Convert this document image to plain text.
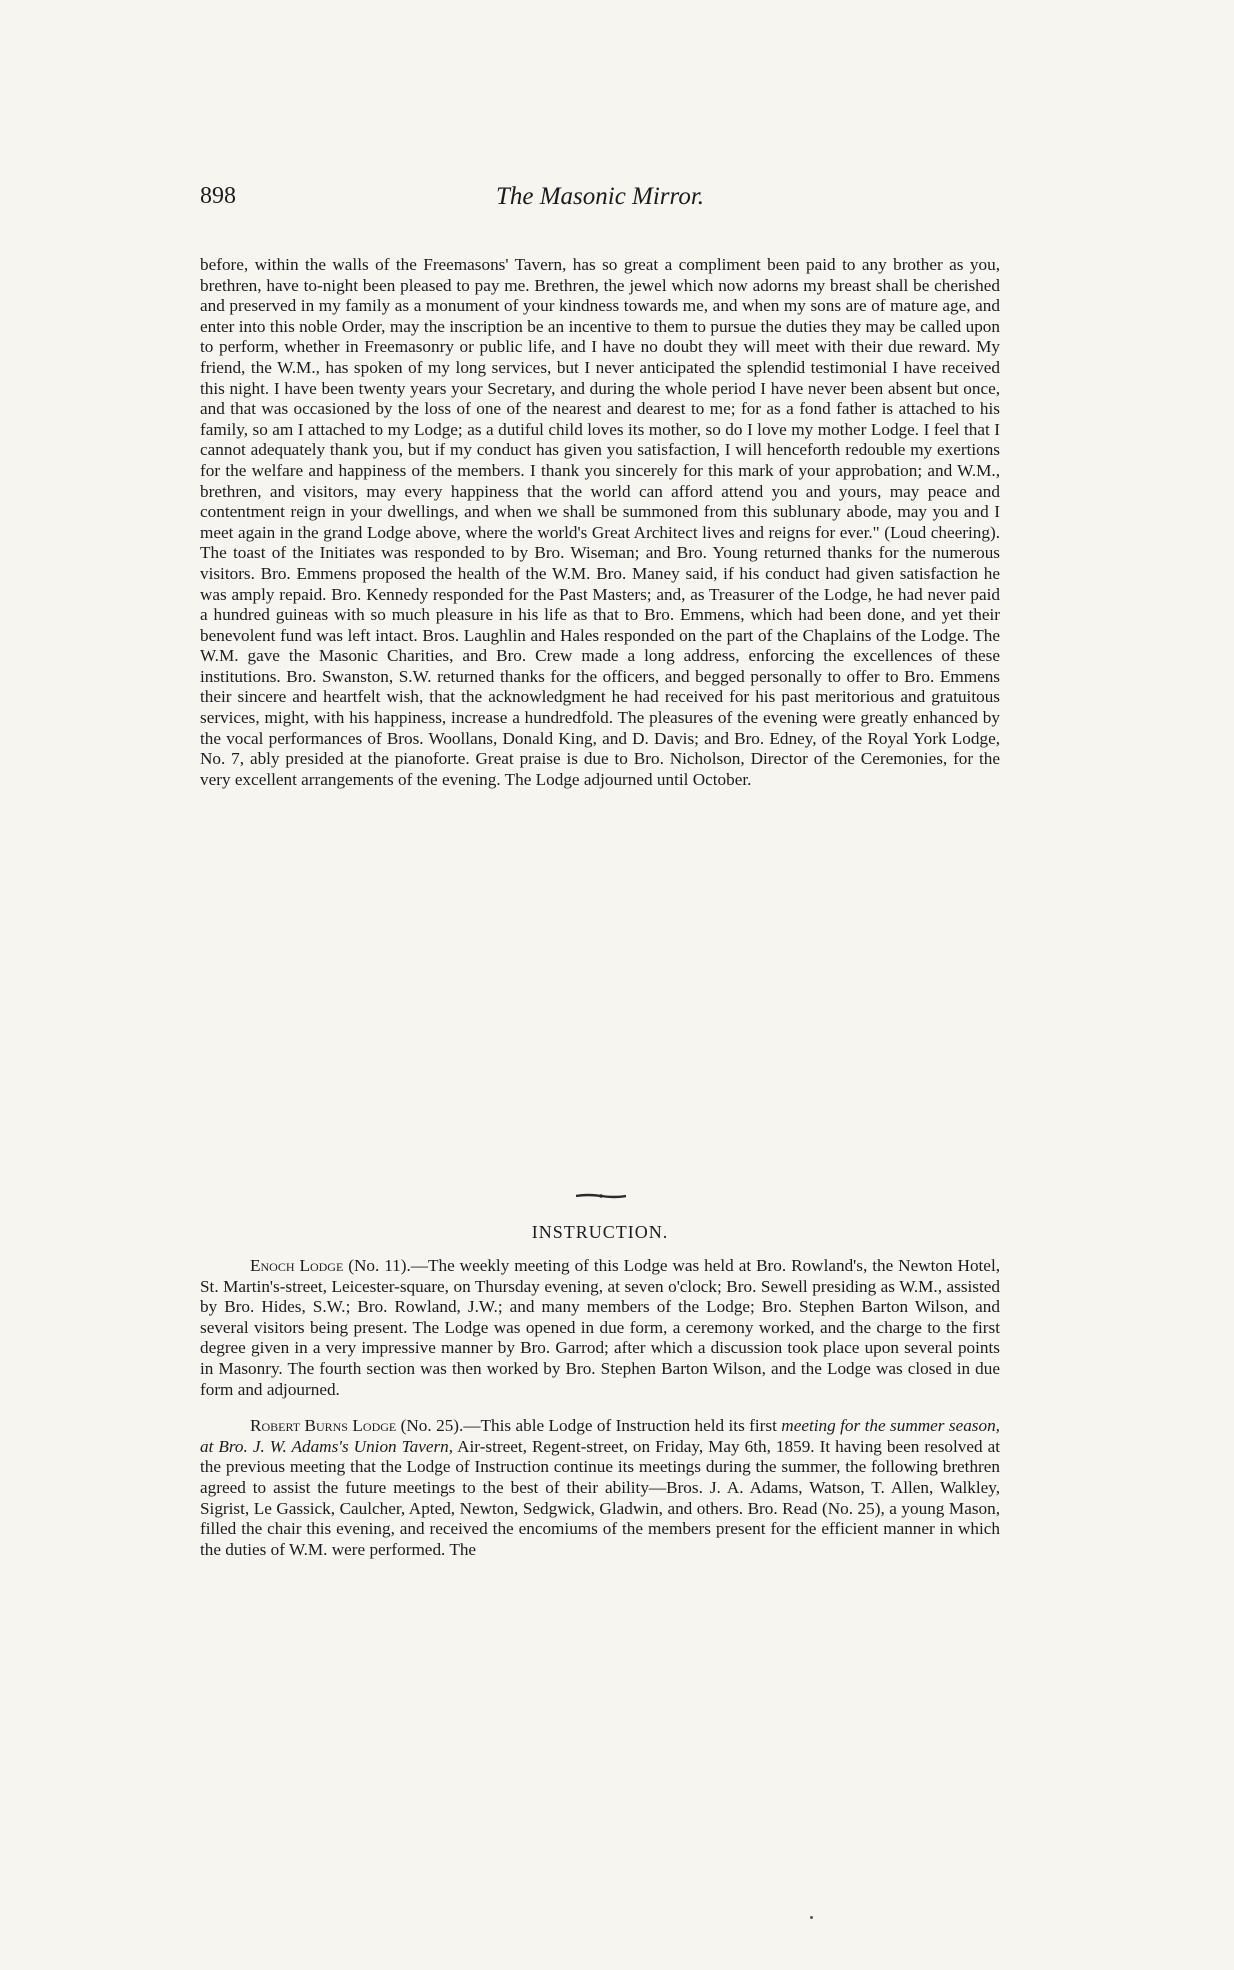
898	The Masonic Mirror.

before, within the walls of the Freemasons' Tavern, has so great a compliment been paid to any brother as you, brethren, have to-night been pleased to pay me. Brethren, the jewel which now adorns my breast shall be cherished and preserved in my family as a monument of your kindness towards me, and when my sons are of mature age, and enter into this noble Order, may the inscription be an incentive to them to pursue the duties they may be called upon to perform, whether in Freemasonry or public life, and I have no doubt they will meet with their due reward. My friend, the W.M., has spoken of my long services, but I never anticipated the splendid testimonial I have received this night. I have been twenty years your Secretary, and during the whole period I have never been absent but once, and that was occasioned by the loss of one of the nearest and dearest to me; for as a fond father is attached to his family, so am I attached to my Lodge; as a dutiful child loves its mother, so do I love my mother Lodge. I feel that I cannot adequately thank you, but if my conduct has given you satisfaction, I will henceforth redouble my exertions for the welfare and happiness of the members. I thank you sincerely for this mark of your approbation; and W.M., brethren, and visitors, may every happiness that the world can afford attend you and yours, may peace and contentment reign in your dwellings, and when we shall be summoned from this sublunary abode, may you and I meet again in the grand Lodge above, where the world's Great Architect lives and reigns for ever." (Loud cheering). The toast of the Initiates was responded to by Bro. Wiseman; and Bro. Young returned thanks for the numerous visitors. Bro. Emmens proposed the health of the W.M. Bro. Maney said, if his conduct had given satisfaction he was amply repaid. Bro. Kennedy responded for the Past Masters; and, as Treasurer of the Lodge, he had never paid a hundred guineas with so much pleasure in his life as that to Bro. Emmens, which had been done, and yet their benevolent fund was left intact. Bros. Laughlin and Hales responded on the part of the Chaplains of the Lodge. The W.M. gave the Masonic Charities, and Bro. Crew made a long address, enforcing the excellences of these institutions. Bro. Swanston, S.W. returned thanks for the officers, and begged personally to offer to Bro. Emmens their sincere and heartfelt wish, that the acknowledgment he had received for his past meritorious and gratuitous services, might, with his happiness, increase a hundredfold. The pleasures of the evening were greatly enhanced by the vocal performances of Bros. Woollans, Donald King, and D. Davis; and Bro. Edney, of the Royal York Lodge, No. 7, ably presided at the pianoforte. Great praise is due to Bro. Nicholson, Director of the Ceremonies, for the very excellent arrangements of the evening. The Lodge adjourned until October.

INSTRUCTION.

Enoch Lodge (No. 11).—The weekly meeting of this Lodge was held at Bro. Rowland's, the Newton Hotel, St. Martin's-street, Leicester-square, on Thursday evening, at seven o'clock; Bro. Sewell presiding as W.M., assisted by Bro. Hides, S.W.; Bro. Rowland, J.W.; and many members of the Lodge; Bro. Stephen Barton Wilson, and several visitors being present. The Lodge was opened in due form, a ceremony worked, and the charge to the first degree given in a very impressive manner by Bro. Garrod; after which a discussion took place upon several points in Masonry. The fourth section was then worked by Bro. Stephen Barton Wilson, and the Lodge was closed in due form and adjourned.

Robert Burns Lodge (No. 25).—This able Lodge of Instruction held its first meeting for the summer season, at Bro. J. W. Adams's Union Tavern, Air-street, Regent-street, on Friday, May 6th, 1859. It having been resolved at the previous meeting that the Lodge of Instruction continue its meetings during the summer, the following brethren agreed to assist the future meetings to the best of their ability—Bros. J. A. Adams, Watson, T. Allen, Walkley, Sigrist, Le Gassick, Caulcher, Apted, Newton, Sedgwick, Gladwin, and others. Bro. Read (No. 25), a young Mason, filled the chair this evening, and received the encomiums of the members present for the efficient manner in which the duties of W.M. were performed. The
